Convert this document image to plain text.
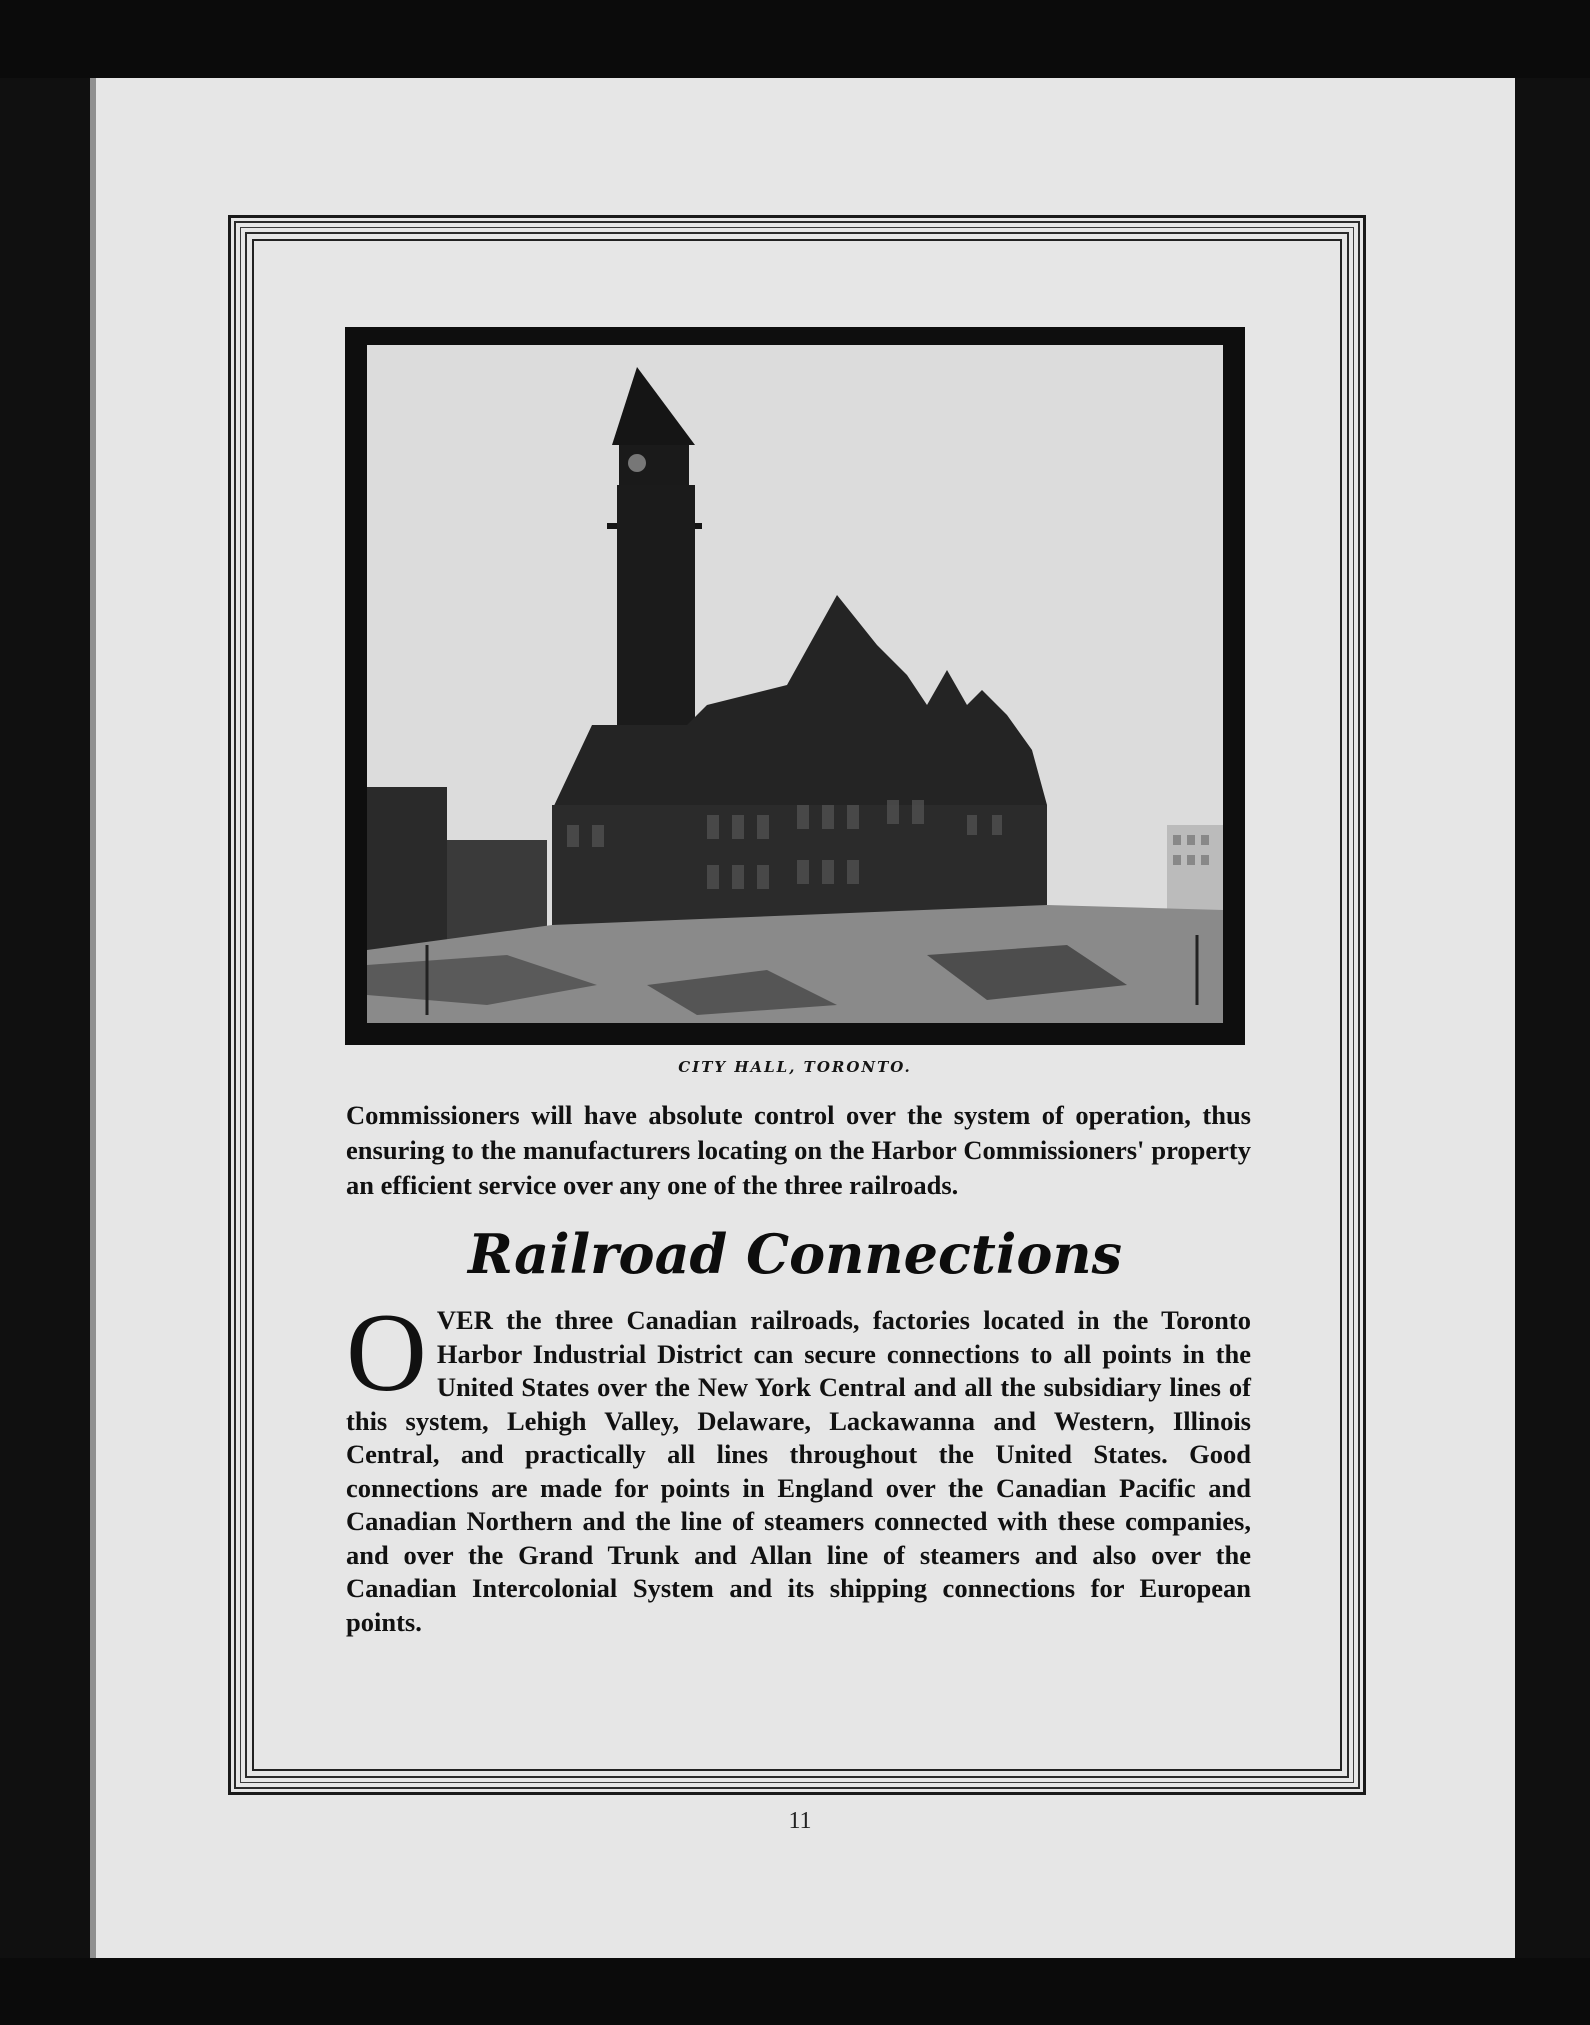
CITY HALL, TORONTO.
Commissioners will have absolute control over the system of operation, thus ensuring to the manufacturers locating on the Harbor Commissioners' property an efficient service over any one of the three railroads.
Railroad Connections
OVER the three Canadian railroads, factories located in the Toronto Harbor Industrial District can secure connections to all points in the United States over the New York Central and all the subsidiary lines of this system, Lehigh Valley, Delaware, Lackawanna and Western, Illinois Central, and practically all lines throughout the United States. Good connections are made for points in England over the Canadian Pacific and Canadian Northern and the line of steamers connected with these companies, and over the Grand Trunk and Allan line of steamers and also over the Canadian Intercolonial System and its shipping connections for European points.
11
